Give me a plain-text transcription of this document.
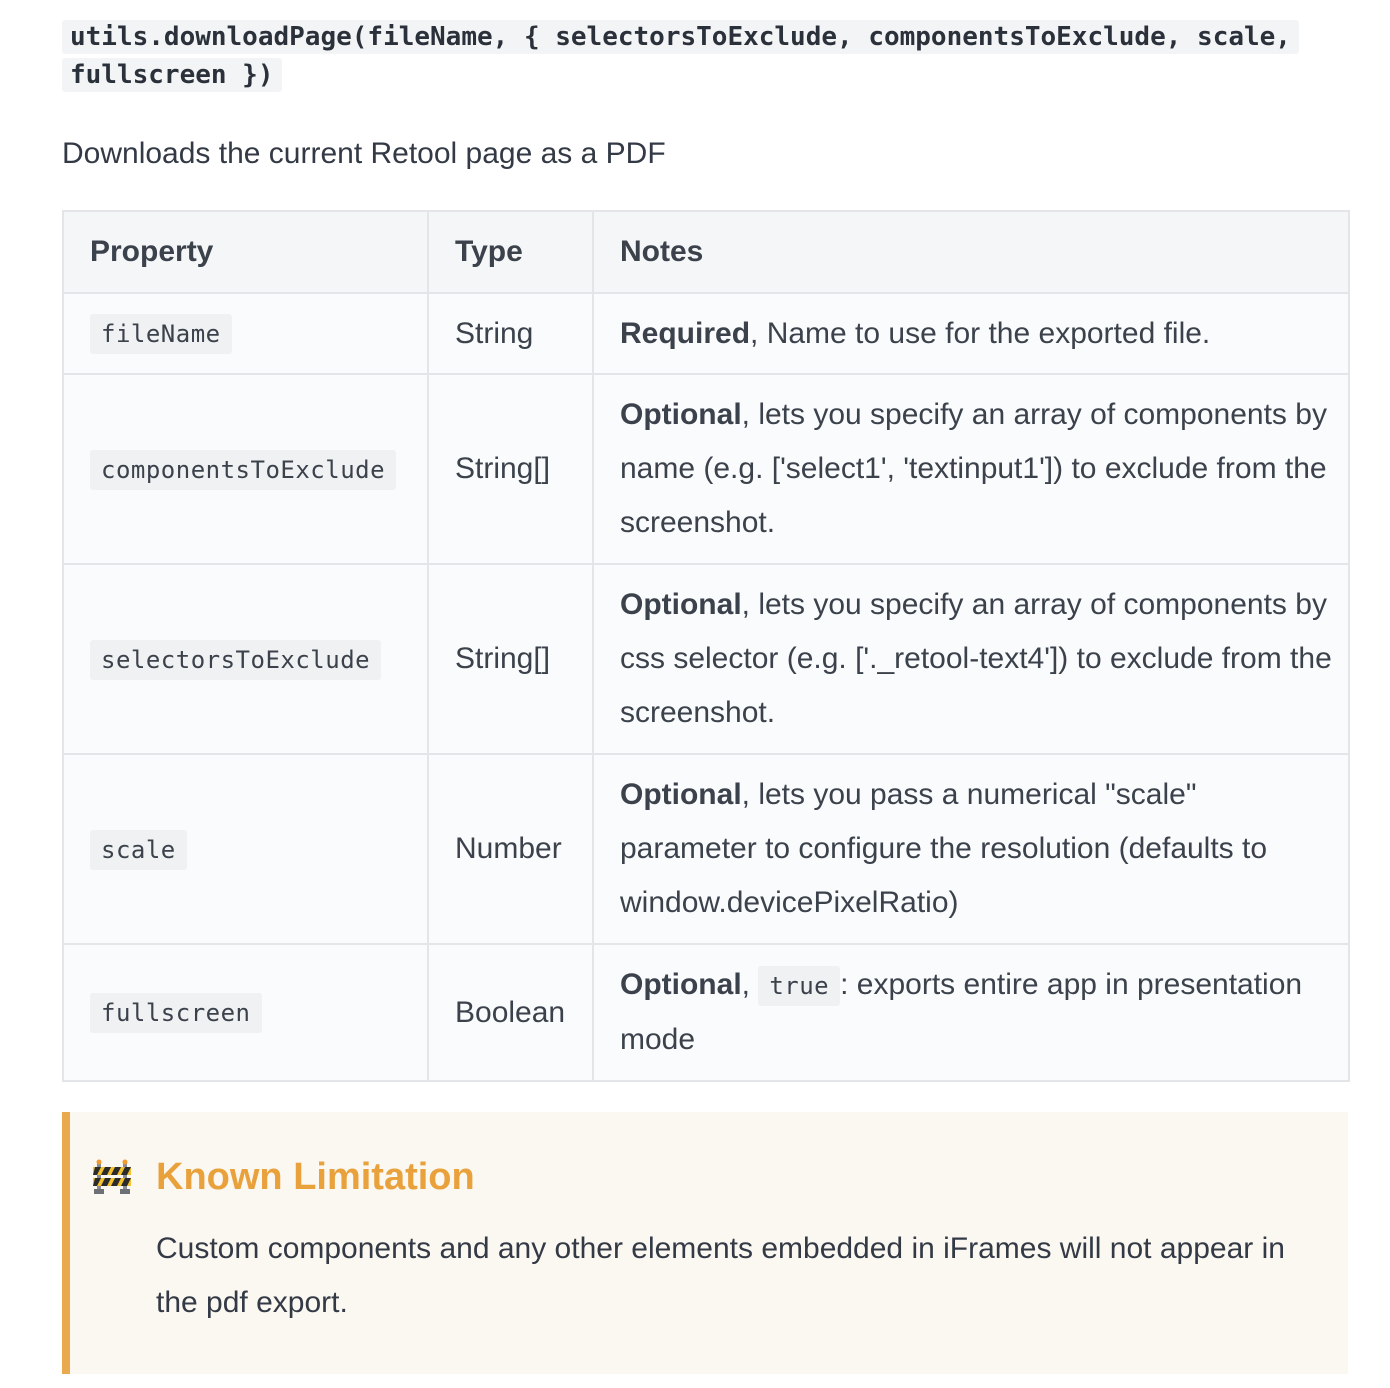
utils.downloadPage(fileName, { selectorsToExclude, componentsToExclude, scale, fullscreen })

Downloads the current Retool page as a PDF

Property	Type	Notes
fileName	String	Required, Name to use for the exported file.
componentsToExclude	String[]	Optional, lets you specify an array of components by name (e.g. ['select1', 'textinput1']) to exclude from the screenshot.
selectorsToExclude	String[]	Optional, lets you specify an array of components by css selector (e.g. ['._retool-text4']) to exclude from the screenshot.
scale	Number	Optional, lets you pass a numerical "scale" parameter to configure the resolution (defaults to window.devicePixelRatio)
fullscreen	Boolean	Optional, true : exports entire app in presentation mode
Known Limitation

Custom components and any other elements embedded in iFrames will not appear in the pdf export.
